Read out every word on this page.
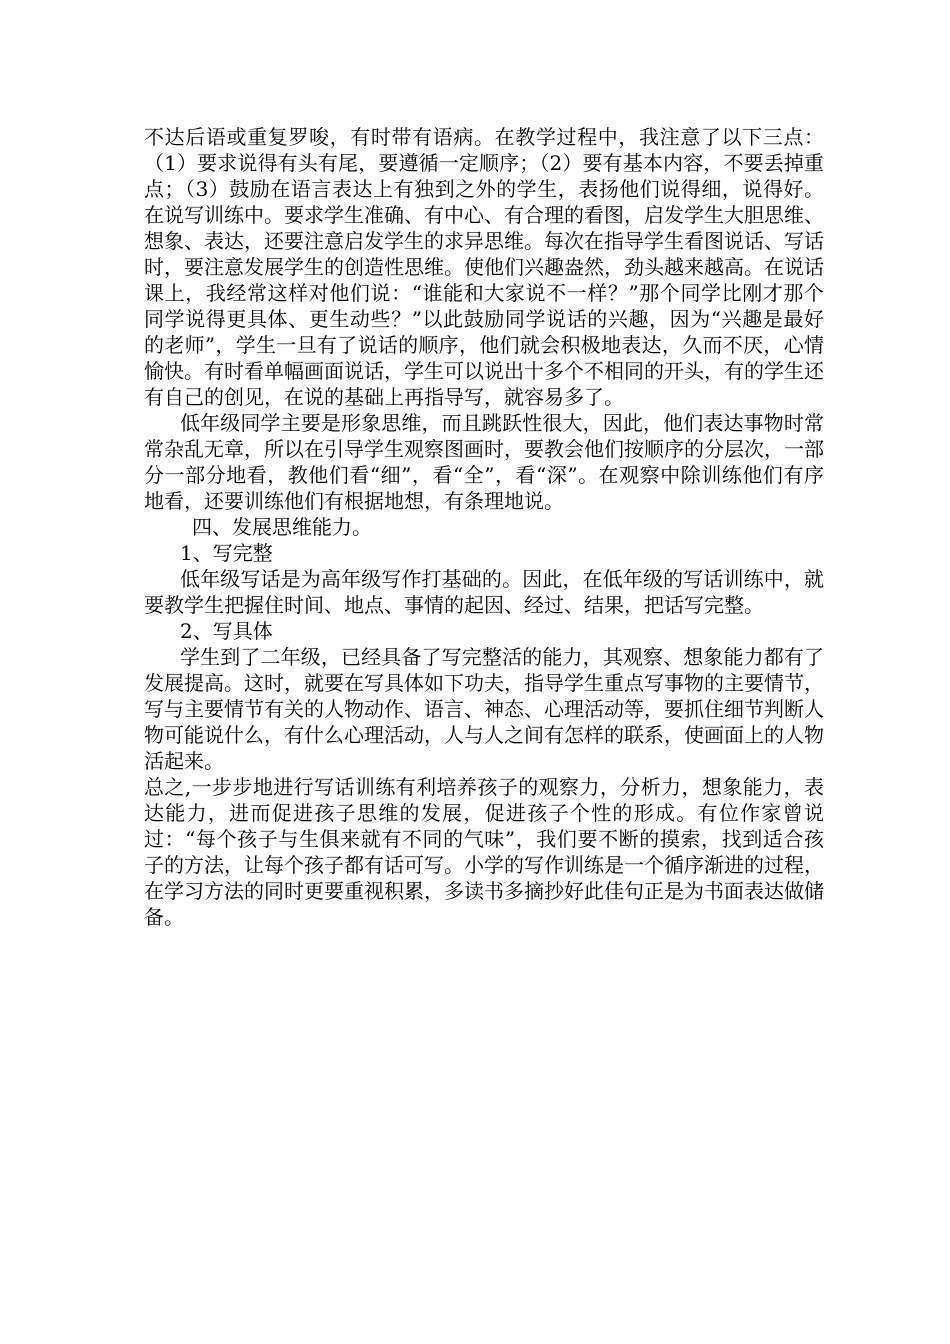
不达后语或重复罗唆，有时带有语病。在教学过程中，我注意了以下三点：（1）要求说得有头有尾，要遵循一定顺序；（2）要有基本内容，不要丢掉重点；（3）鼓励在语言表达上有独到之外的学生，表扬他们说得细，说得好。在说写训练中。要求学生准确、有中心、有合理的看图，启发学生大胆思维、想象、表达，还要注意启发学生的求异思维。每次在指导学生看图说话、写话时，要注意发展学生的创造性思维。使他们兴趣盎然，劲头越来越高。在说话课上，我经常这样对他们说：“谁能和大家说不一样？”那个同学比刚才那个同学说得更具体、更生动些？”以此鼓励同学说话的兴趣，因为“兴趣是最好的老师”，学生一旦有了说话的顺序，他们就会积极地表达，久而不厌，心情愉快。有时看单幅画面说话，学生可以说出十多个不相同的开头，有的学生还有自己的创见，在说的基础上再指导写，就容易多了。

低年级同学主要是形象思维，而且跳跃性很大，因此，他们表达事物时常常杂乱无章，所以在引导学生观察图画时，要教会他们按顺序的分层次，一部分一部分地看，教他们看“细”，看“全”，看“深”。在观察中除训练他们有序地看，还要训练他们有根据地想，有条理地说。

四、发展思维能力。

1、写完整

低年级写话是为高年级写作打基础的。因此，在低年级的写话训练中，就要教学生把握住时间、地点、事情的起因、经过、结果，把话写完整。

2、写具体

学生到了二年级，已经具备了写完整活的能力，其观察、想象能力都有了发展提高。这时，就要在写具体如下功夫，指导学生重点写事物的主要情节，写与主要情节有关的人物动作、语言、神态、心理活动等，要抓住细节判断人物可能说什么，有什么心理活动，人与人之间有怎样的联系，使画面上的人物活起来。

总之,一步步地进行写话训练有利培养孩子的观察力，分析力，想象能力，表达能力，进而促进孩子思维的发展，促进孩子个性的形成。有位作家曾说过：“每个孩子与生俱来就有不同的气味”，我们要不断的摸索，找到适合孩子的方法，让每个孩子都有话可写。小学的写作训练是一个循序渐进的过程，在学习方法的同时更要重视积累，多读书多摘抄好此佳句正是为书面表达做储备。
